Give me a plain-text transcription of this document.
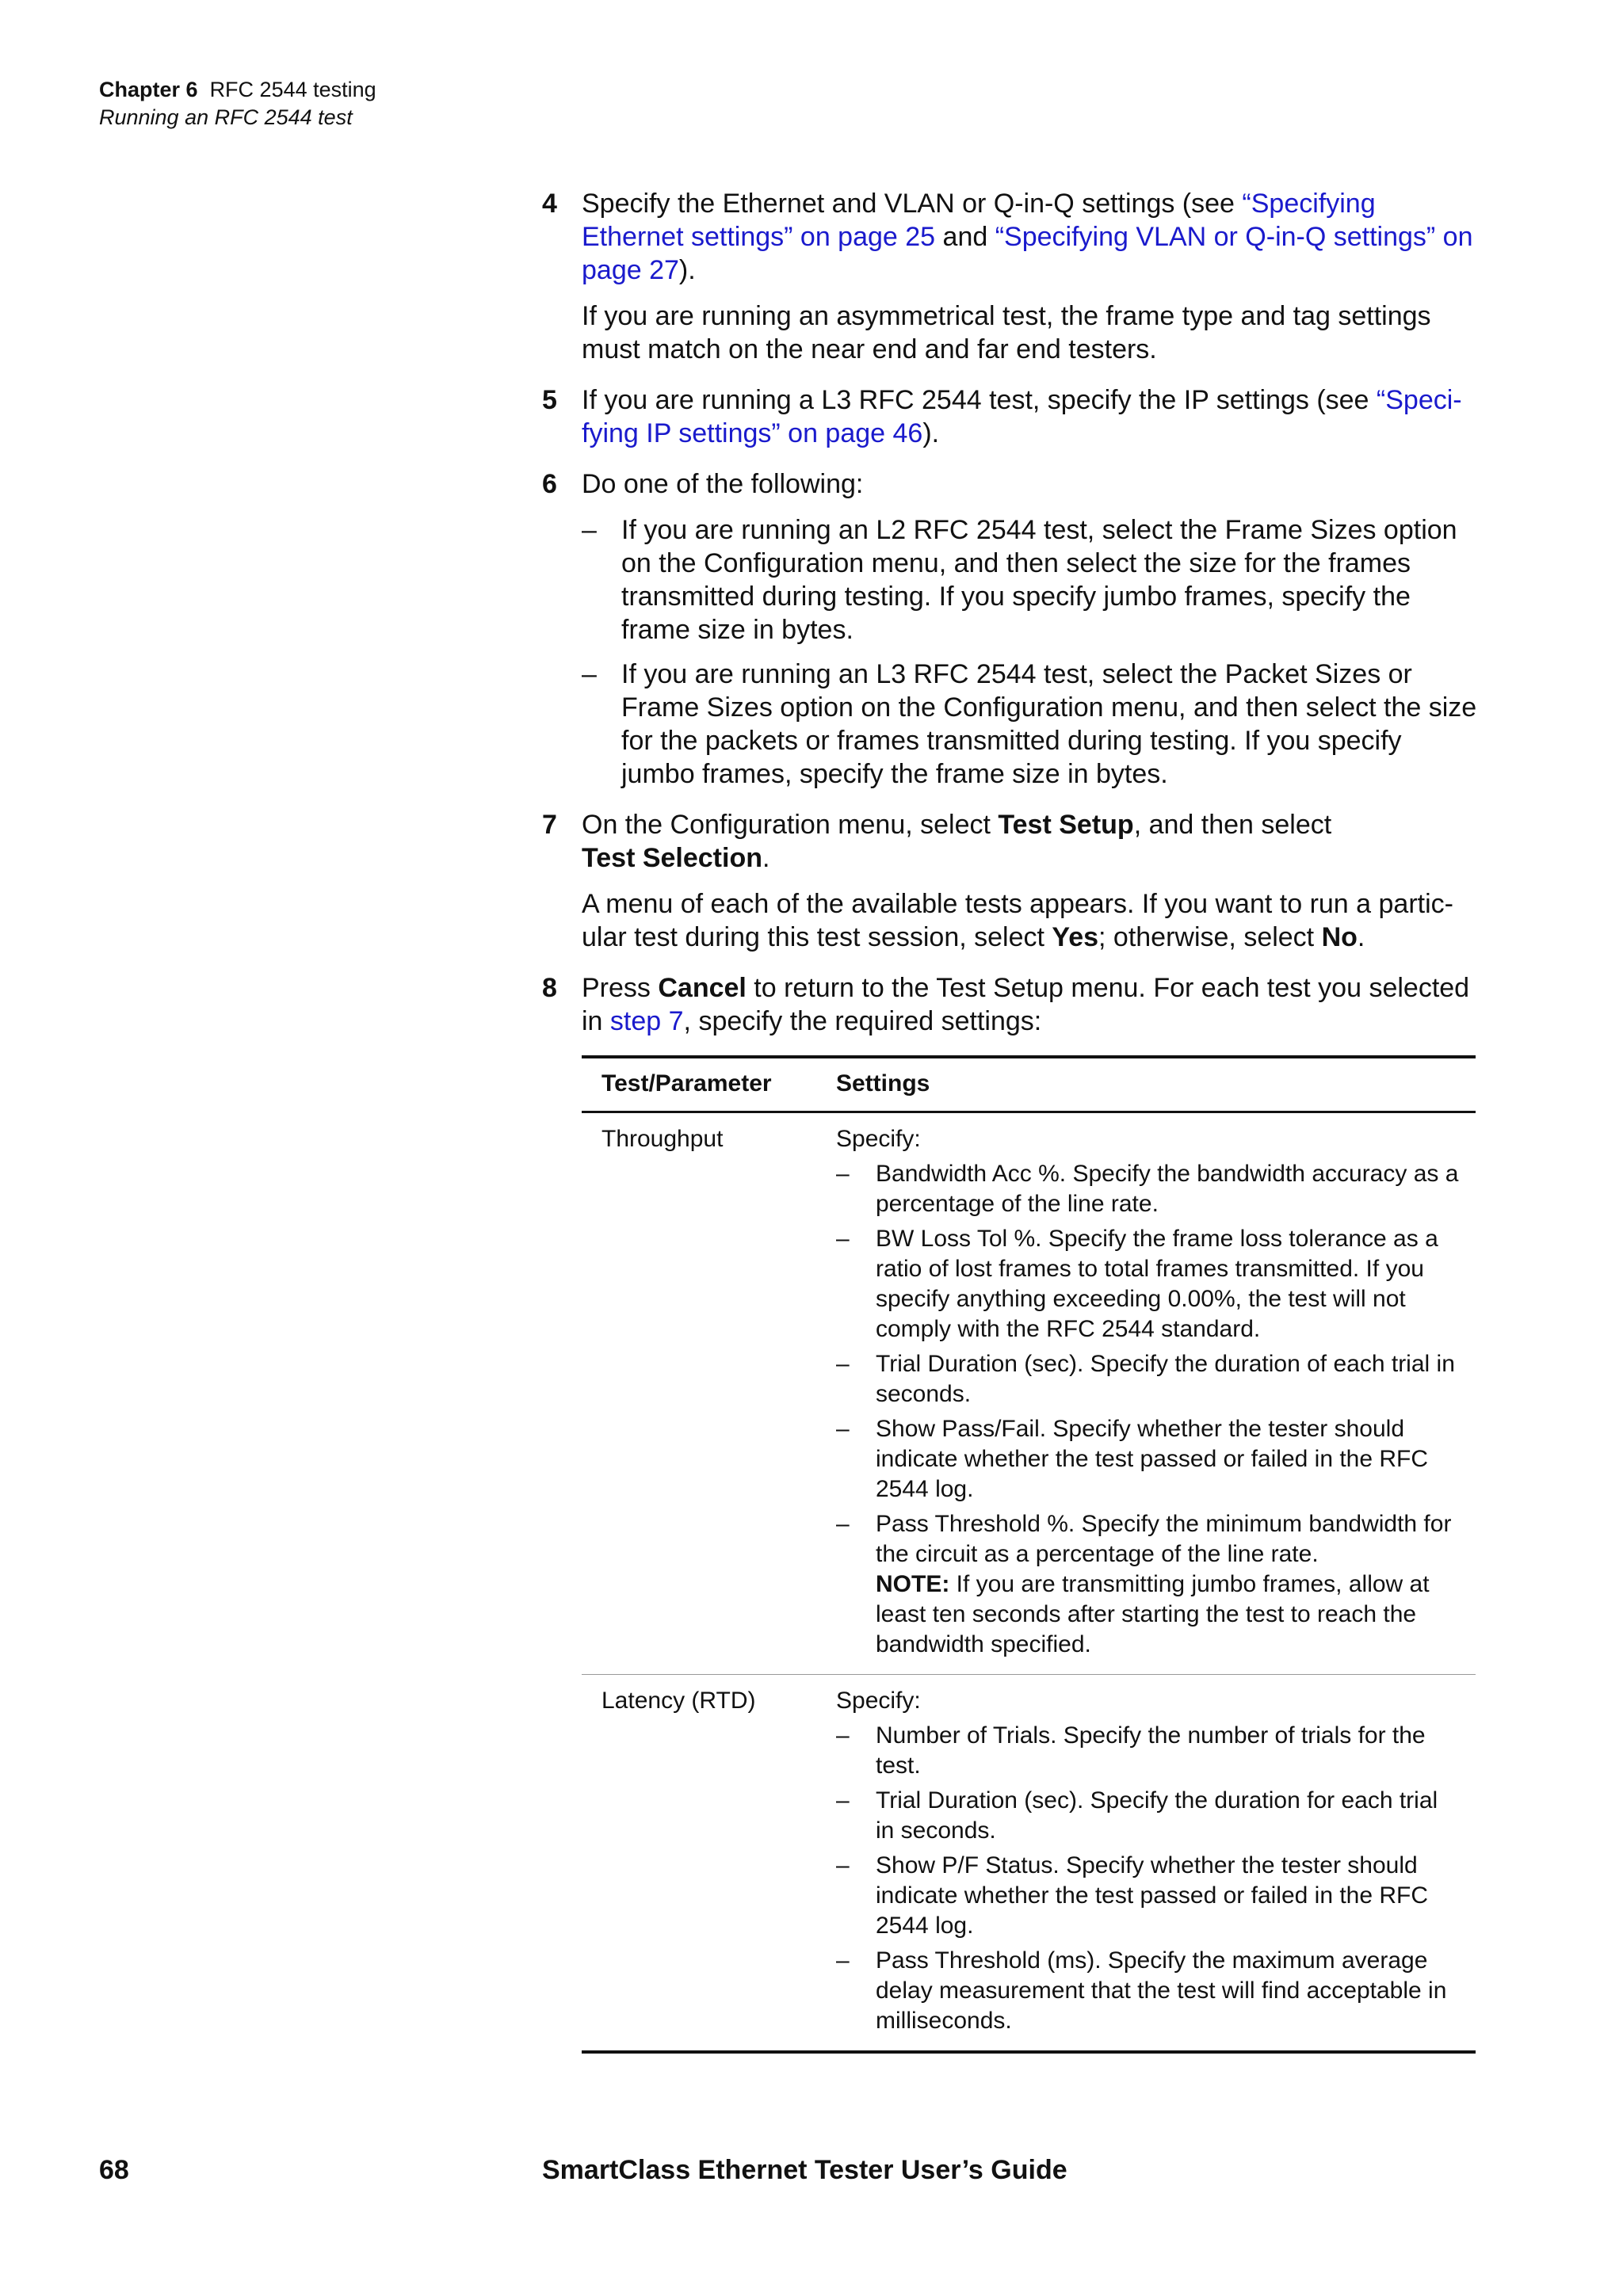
Chapter 6 RFC 2544 testing
Running an RFC 2544 test
4 Specify the Ethernet and VLAN or Q-in-Q settings (see “Specifying Ethernet settings” on page 25 and “Specifying VLAN or Q-in-Q settings” on page 27).

If you are running an asymmetrical test, the frame type and tag settings must match on the near end and far end testers.

5 If you are running a L3 RFC 2544 test, specify the IP settings (see “Specifying IP settings” on page 46).

6 Do one of the following:

– If you are running an L2 RFC 2544 test, select the Frame Sizes option on the Configuration menu, and then select the size for the frames transmitted during testing. If you specify jumbo frames, specify the frame size in bytes.
– If you are running an L3 RFC 2544 test, select the Packet Sizes or Frame Sizes option on the Configuration menu, and then select the size for the packets or frames transmitted during testing. If you specify jumbo frames, specify the frame size in bytes.
7 On the Configuration menu, select Test Setup, and then select
Test Selection.

A menu of each of the available tests appears. If you want to run a particular test during this test session, select Yes; otherwise, select No.

8 Press Cancel to return to the Test Setup menu. For each test you selected in step 7, specify the required settings:

Test/Parameter	Settings
Throughput	Specify:
– Bandwidth Acc %. Specify the bandwidth accuracy as a percentage of the line rate.
– BW Loss Tol %. Specify the frame loss tolerance as a ratio of lost frames to total frames transmitted. If you specify anything exceeding 0.00%, the test will not comply with the RFC 2544 standard.
– Trial Duration (sec). Specify the duration of each trial in seconds.
– Show Pass/Fail. Specify whether the tester should indicate whether the test passed or failed in the RFC 2544 log.
– Pass Threshold %. Specify the minimum bandwidth for the circuit as a percentage of the line rate.
NOTE: If you are transmitting jumbo frames, allow at least ten seconds after starting the test to reach the bandwidth specified.
Latency (RTD)	Specify:
– Number of Trials. Specify the number of trials for the test.
– Trial Duration (sec). Specify the duration for each trial in seconds.
– Show P/F Status. Specify whether the tester should indicate whether the test passed or failed in the RFC 2544 log.
– Pass Threshold (ms). Specify the maximum average delay measurement that the test will find acceptable in milliseconds.
68	SmartClass Ethernet Tester User’s Guide
